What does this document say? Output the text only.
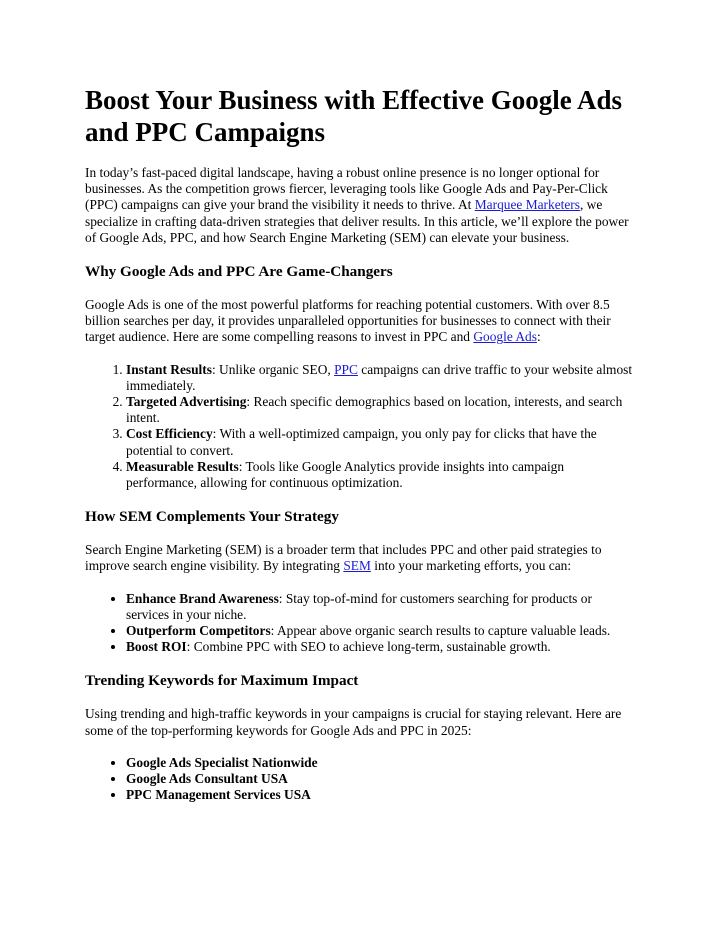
Boost Your Business with Effective Google Ads and PPC Campaigns

In today’s fast-paced digital landscape, having a robust online presence is no longer optional for businesses. As the competition grows fiercer, leveraging tools like Google Ads and Pay-Per-Click (PPC) campaigns can give your brand the visibility it needs to thrive. At Marquee Marketers, we specialize in crafting data-driven strategies that deliver results. In this article, we’ll explore the power of Google Ads, PPC, and how Search Engine Marketing (SEM) can elevate your business.

Why Google Ads and PPC Are Game-Changers

Google Ads is one of the most powerful platforms for reaching potential customers. With over 8.5 billion searches per day, it provides unparalleled opportunities for businesses to connect with their target audience. Here are some compelling reasons to invest in PPC and Google Ads:

1. Instant Results: Unlike organic SEO, PPC campaigns can drive traffic to your website almost immediately.
2. Targeted Advertising: Reach specific demographics based on location, interests, and search intent.
3. Cost Efficiency: With a well-optimized campaign, you only pay for clicks that have the potential to convert.
4. Measurable Results: Tools like Google Analytics provide insights into campaign performance, allowing for continuous optimization.
How SEM Complements Your Strategy

Search Engine Marketing (SEM) is a broader term that includes PPC and other paid strategies to improve search engine visibility. By integrating SEM into your marketing efforts, you can:

• Enhance Brand Awareness: Stay top-of-mind for customers searching for products or services in your niche.
• Outperform Competitors: Appear above organic search results to capture valuable leads.
• Boost ROI: Combine PPC with SEO to achieve long-term, sustainable growth.
Trending Keywords for Maximum Impact

Using trending and high-traffic keywords in your campaigns is crucial for staying relevant. Here are some of the top-performing keywords for Google Ads and PPC in 2025:

• Google Ads Specialist Nationwide
• Google Ads Consultant USA
• PPC Management Services USA
